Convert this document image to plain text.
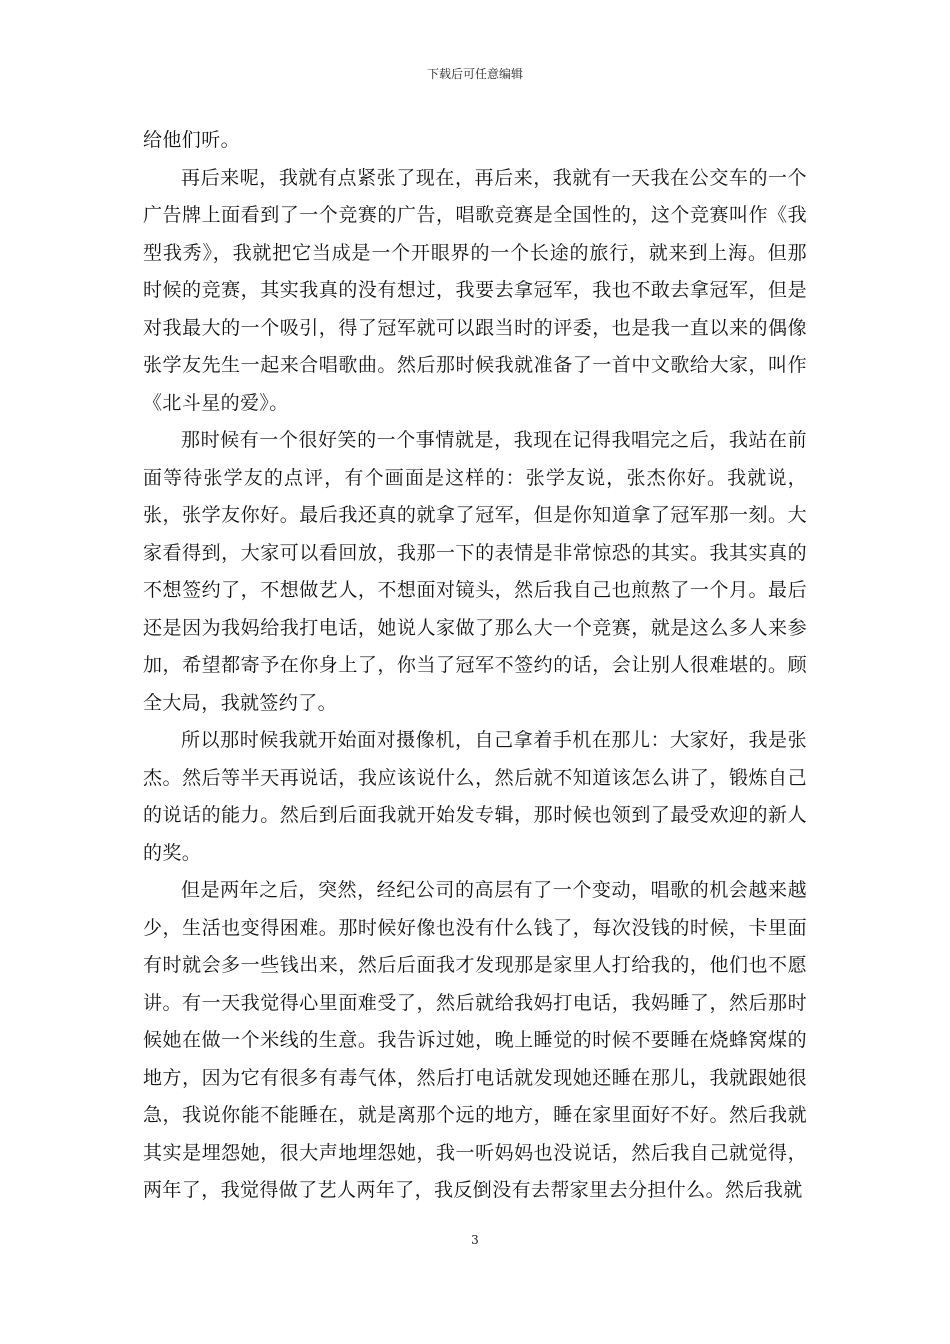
下载后可任意编辑

给他们听。

再后来呢，我就有点紧张了现在，再后来，我就有一天我在公交车的一个广告牌上面看到了一个竞赛的广告，唱歌竞赛是全国性的，这个竞赛叫作《我型我秀》，我就把它当成是一个开眼界的一个长途的旅行，就来到上海。但那时候的竞赛，其实我真的没有想过，我要去拿冠军，我也不敢去拿冠军，但是对我最大的一个吸引，得了冠军就可以跟当时的评委，也是我一直以来的偶像张学友先生一起来合唱歌曲。然后那时候我就准备了一首中文歌给大家，叫作《北斗星的爱》。

那时候有一个很好笑的一个事情就是，我现在记得我唱完之后，我站在前面等待张学友的点评，有个画面是这样的：张学友说，张杰你好。我就说，张，张学友你好。最后我还真的就拿了冠军，但是你知道拿了冠军那一刻。大家看得到，大家可以看回放，我那一下的表情是非常惊恐的其实。我其实真的不想签约了，不想做艺人，不想面对镜头，然后我自己也煎熬了一个月。最后还是因为我妈给我打电话，她说人家做了那么大一个竞赛，就是这么多人来参加，希望都寄予在你身上了，你当了冠军不签约的话，会让别人很难堪的。顾全大局，我就签约了。

所以那时候我就开始面对摄像机，自己拿着手机在那儿：大家好，我是张杰。然后等半天再说话，我应该说什么，然后就不知道该怎么讲了，锻炼自己的说话的能力。然后到后面我就开始发专辑，那时候也领到了最受欢迎的新人的奖。

但是两年之后，突然，经纪公司的高层有了一个变动，唱歌的机会越来越少，生活也变得困难。那时候好像也没有什么钱了，每次没钱的时候，卡里面有时就会多一些钱出来，然后后面我才发现那是家里人打给我的，他们也不愿讲。有一天我觉得心里面难受了，然后就给我妈打电话，我妈睡了，然后那时候她在做一个米线的生意。我告诉过她，晚上睡觉的时候不要睡在烧蜂窝煤的地方，因为它有很多有毒气体，然后打电话就发现她还睡在那儿，我就跟她很急，我说你能不能睡在，就是离那个远的地方，睡在家里面好不好。然后我就其实是埋怨她，很大声地埋怨她，我一听妈妈也没说话，然后我自己就觉得，两年了，我觉得做了艺人两年了，我反倒没有去帮家里去分担什么。然后我就

3
